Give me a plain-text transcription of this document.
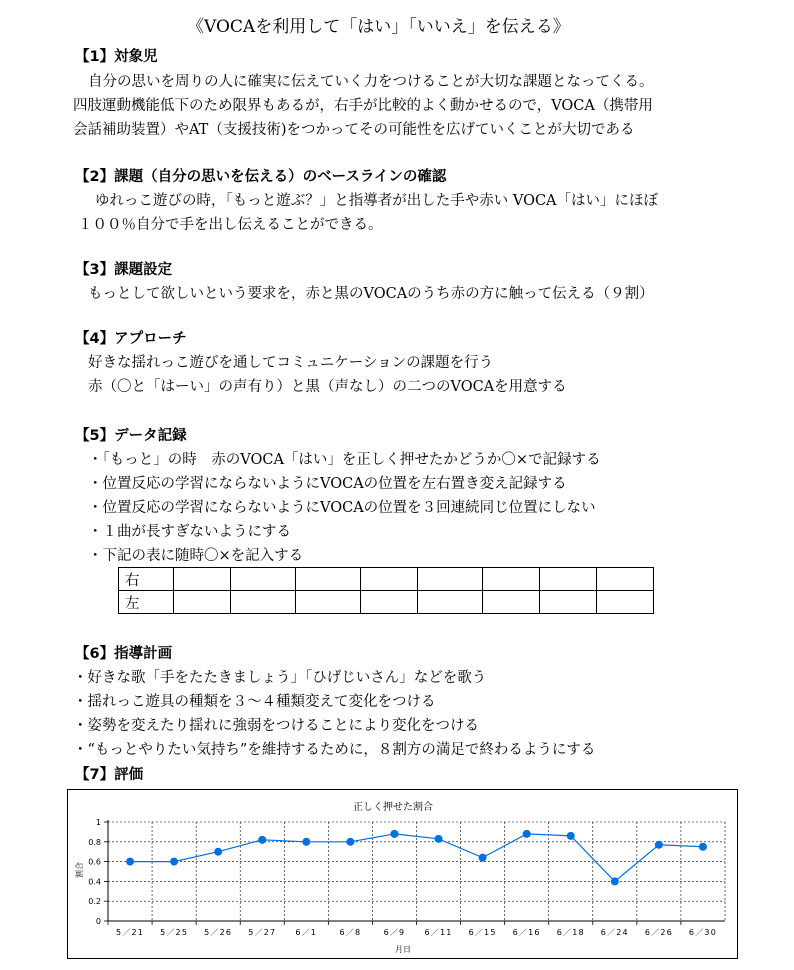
《VOCAを利用して「はい」「いいえ」を伝える》
【1】対象児
自分の思いを周りの人に確実に伝えていく力をつけることが大切な課題となってくる。
四肢運動機能低下のため限界もあるが，右手が比較的よく動かせるので，VOCA（携帯用
会話補助装置）やAT（支援技術)をつかってその可能性を広げていくことが大切である
【2】課題（自分の思いを伝える）のベースラインの確認
ゆれっこ遊びの時，「もっと遊ぶ？」と指導者が出した手や赤い VOCA「はい」にほぼ
１００％自分で手を出し伝えることができる。
【3】課題設定
もっとして欲しいという要求を，赤と黒のVOCAのうち赤の方に触って伝える（９割）
【4】アプローチ
好きな揺れっこ遊びを通してコミュニケーションの課題を行う
赤（〇と「はーい」の声有り）と黒（声なし）の二つのVOCAを用意する
【5】データ記録
・「もっと」の時　赤のVOCA「はい」を正しく押せたかどうか〇×で記録する
・位置反応の学習にならないようにVOCAの位置を左右置き変え記録する
・位置反応の学習にならないようにVOCAの位置を３回連続同じ位置にしない
・１曲が長すぎないようにする
・下記の表に随時〇×を記入する
右								
左								
【6】指導計画
・好きな歌「手をたたきましょう」「ひげじいさん」などを歌う
・揺れっこ遊具の種類を３～４種類変えて変化をつける
・姿勢を変えたり揺れに強弱をつけることにより変化をつける
・“もっとやりたい気持ち”を維持するために，８割方の満足で終わるようにする
【7】評価
正しく押せた割合
月日
割合
0
0.2
0.4
0.6
0.8
1
5／21 5／25 5／26 5／27 6／1	6／8	6／9 6／11 6／15 6／16 6／18 6／24 6／26 6／30
